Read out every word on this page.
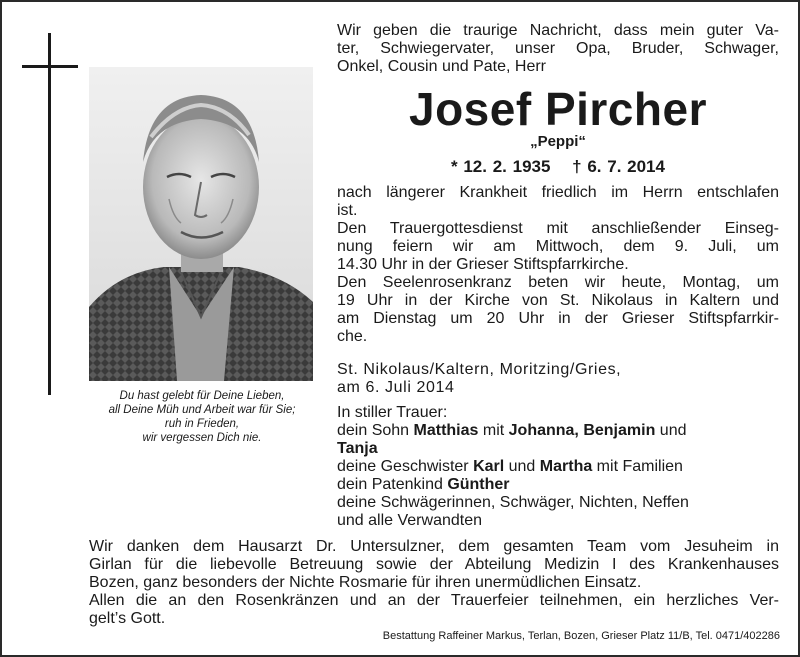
Du hast gelebt für Deine Lieben,
all Deine Müh und Arbeit war für Sie;
ruh in Frieden,
wir vergessen Dich nie.
Wir geben die traurige Nachricht, dass mein guter Va-
ter, Schwiegervater, unser Opa, Bruder, Schwager,
Onkel, Cousin und Pate, Herr
Josef Pircher
„Peppi“
* 12. 2. 1935 † 6. 7. 2014
nach längerer Krankheit friedlich im Herrn entschlafen
ist.
Den Trauergottesdienst mit anschließender Einseg-
nung feiern wir am Mittwoch, dem 9. Juli, um
14.30 Uhr in der Grieser Stiftspfarrkirche.
Den Seelenrosenkranz beten wir heute, Montag, um
19 Uhr in der Kirche von St. Nikolaus in Kaltern und
am Dienstag um 20 Uhr in der Grieser Stiftspfarrkir-
che.
St. Nikolaus/Kaltern, Moritzing/Gries,
am 6. Juli 2014
In stiller Trauer:
dein Sohn Matthias mit Johanna, Benjamin und
Tanja
deine Geschwister Karl und Martha mit Familien
dein Patenkind Günther
deine Schwägerinnen, Schwäger, Nichten, Neffen
und alle Verwandten
Wir danken dem Hausarzt Dr. Untersulzner, dem gesamten Team vom Jesuheim in
Girlan für die liebevolle Betreuung sowie der Abteilung Medizin I des Krankenhauses
Bozen, ganz besonders der Nichte Rosmarie für ihren unermüdlichen Einsatz.
Allen die an den Rosenkränzen und an der Trauerfeier teilnehmen, ein herzliches Ver-
gelt’s Gott.
Bestattung Raffeiner Markus, Terlan, Bozen, Grieser Platz 11/B, Tel. 0471/402286
